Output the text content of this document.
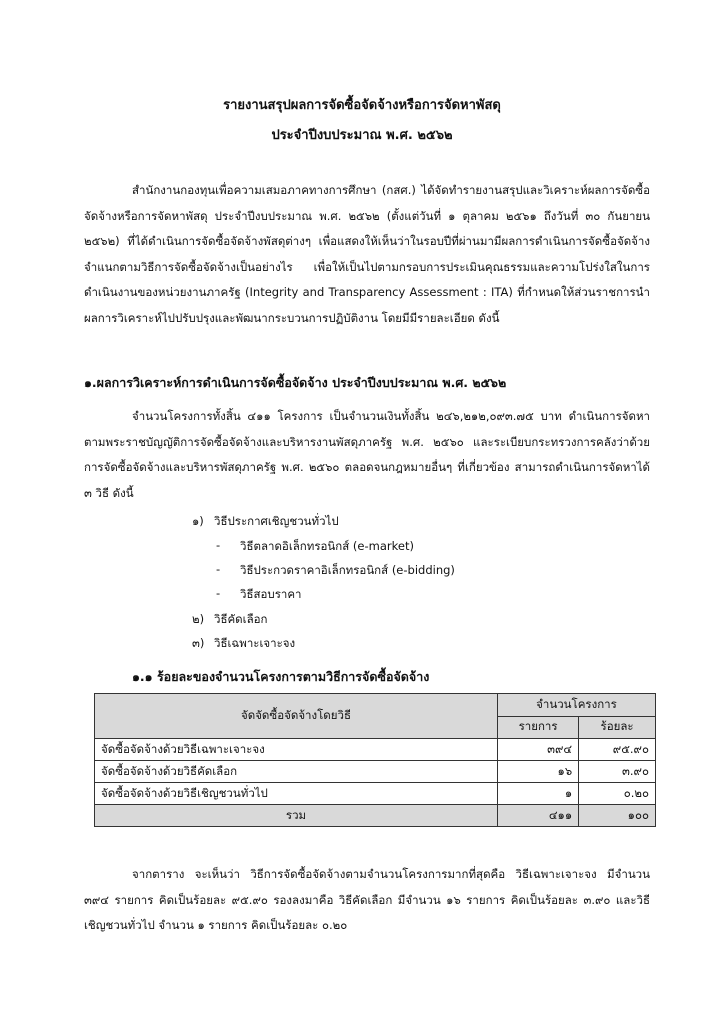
รายงานสรุปผลการจัดซื้อจัดจ้างหรือการจัดหาพัสดุ
ประจำปีงบประมาณ พ.ศ. ๒๕๖๒

สำนักงานกองทุนเพื่อความเสมอภาคทางการศึกษา (กสศ.) ได้จัดทำรายงานสรุปและวิเคราะห์ผลการจัดซื้อจัดจ้างหรือการจัดหาพัสดุ ประจำปีงบประมาณ พ.ศ. ๒๕๖๒ (ตั้งแต่วันที่ ๑ ตุลาคม ๒๕๖๑ ถึงวันที่ ๓๐ กันยายน ๒๕๖๒) ที่ได้ดำเนินการจัดซื้อจัดจ้างพัสดุต่างๆ เพื่อแสดงให้เห็นว่าในรอบปีที่ผ่านมามีผลการดำเนินการจัดซื้อจัดจ้างจำแนกตามวิธีการจัดซื้อจัดจ้างเป็นอย่างไร เพื่อให้เป็นไปตามกรอบการประเมินคุณธรรมและความโปร่งใสในการดำเนินงานของหน่วยงานภาครัฐ (Integrity and Transparency Assessment : ITA) ที่กำหนดให้ส่วนราชการนำผลการวิเคราะห์ไปปรับปรุงและพัฒนากระบวนการปฏิบัติงาน โดยมีมีรายละเอียด ดังนี้

๑.ผลการวิเคราะห์การดำเนินการจัดซื้อจัดจ้าง ประจำปีงบประมาณ พ.ศ. ๒๕๖๒

จำนวนโครงการทั้งสิ้น ๔๑๑ โครงการ เป็นจำนวนเงินทั้งสิ้น ๒๔๖,๒๑๒,๐๙๓.๗๕ บาท ดำเนินการจัดหาตามพระราชบัญญัติการจัดซื้อจัดจ้างและบริหารงานพัสดุภาครัฐ พ.ศ. ๒๕๖๐ และระเบียบกระทรวงการคลังว่าด้วยการจัดซื้อจัดจ้างและบริหารพัสดุภาครัฐ พ.ศ. ๒๕๖๐ ตลอดจนกฎหมายอื่นๆ ที่เกี่ยวข้อง สามารถดำเนินการจัดหาได้ ๓ วิธี ดังนี้

๑) วิธีประกาศเชิญชวนทั่วไป
- วิธีตลาดอิเล็กทรอนิกส์ (e-market)
- วิธีประกวดราคาอิเล็กทรอนิกส์ (e-bidding)
- วิธีสอบราคา
๒) วิธีคัดเลือก
๓) วิธีเฉพาะเจาะจง
๑.๑ ร้อยละของจำนวนโครงการตามวิธีการจัดซื้อจัดจ้าง
จัดจัดซื้อจัดจ้างโดยวิธี	จำนวนโครงการ	
	รายการ	ร้อยละ
จัดซื้อจัดจ้างด้วยวิธีเฉพาะเจาะจง	๓๙๔	๙๕.๙๐
จัดซื้อจัดจ้างด้วยวิธีคัดเลือก	๑๖	๓.๙๐
จัดซื้อจัดจ้างด้วยวิธีเชิญชวนทั่วไป	๑	๐.๒๐
รวม	๔๑๑	๑๐๐

จากตาราง จะเห็นว่า วิธีการจัดซื้อจัดจ้างตามจำนวนโครงการมากที่สุดคือ วิธีเฉพาะเจาะจง มีจำนวน ๓๙๔ รายการ คิดเป็นร้อยละ ๙๕.๙๐ รองลงมาคือ วิธีคัดเลือก มีจำนวน ๑๖ รายการ คิดเป็นร้อยละ ๓.๙๐ และวิธีเชิญชวนทั่วไป จำนวน ๑ รายการ คิดเป็นร้อยละ ๐.๒๐
